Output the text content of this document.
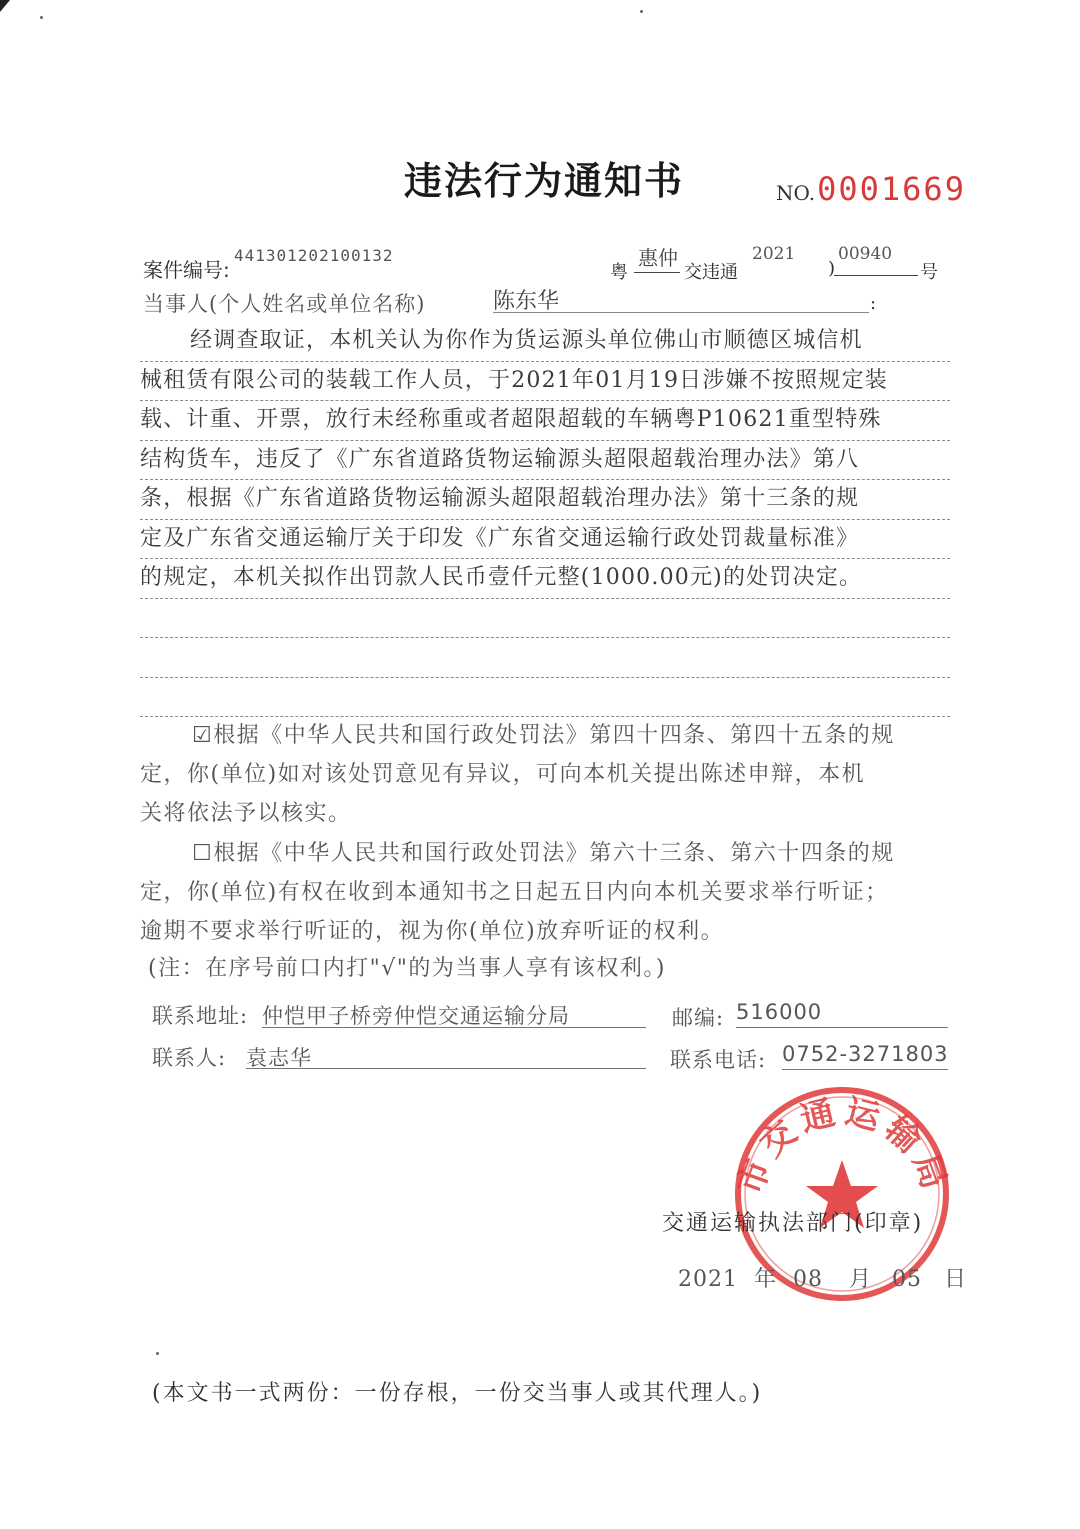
违法行为通知书	NO.0001669
案件编号:
441301202100132
粤
惠仲
交违通
2021
)
00940
号
当事人(个人姓名或单位名称)	陈东华	:
经调查取证，本机关认为你作为货运源头单位佛山市顺德区城信机
械租赁有限公司的装载工作人员，于2021年01月19日涉嫌不按照规定装
载、计重、开票，放行未经称重或者超限超载的车辆粤P10621重型特殊
结构货车，违反了《广东省道路货物运输源头超限超载治理办法》第八
条，根据《广东省道路货物运输源头超限超载治理办法》第十三条的规
定及广东省交通运输厅关于印发《广东省交通运输行政处罚裁量标准》
的规定，本机关拟作出罚款人民币壹仟元整(1000.00元)的处罚决定。

☑根据《中华人民共和国行政处罚法》第四十四条、第四十五条的规

定，你(单位)如对该处罚意见有异议，可向本机关提出陈述申辩，本机

关将依法予以核实。

☐根据《中华人民共和国行政处罚法》第六十三条、第六十四条的规

定，你(单位)有权在收到本通知书之日起五日内向本机关要求举行听证；

逾期不要求举行听证的，视为你(单位)放弃听证的权利。

(注：在序号前口内打"√"的为当事人享有该权利。)

联系地址: 仲恺甲子桥旁仲恺交通运输分局	邮编: 516000
联系人: 袁志华	联系电话: 0752-3271803
市交通运输局
交通运输执法部门(印章)
2021 年 08 月 05 日
(本文书一式两份：一份存根，一份交当事人或其代理人。)
